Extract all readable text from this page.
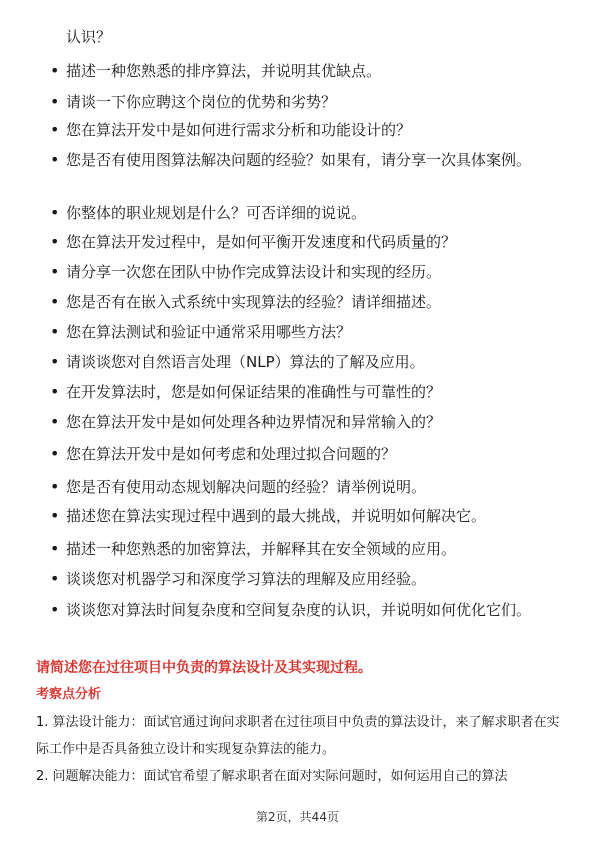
认识？
• 描述一种您熟悉的排序算法，并说明其优缺点。
• 请谈一下你应聘这个岗位的优势和劣势？
• 您在算法开发中是如何进行需求分析和功能设计的？
• 您是否有使用图算法解决问题的经验？如果有，请分享一次具体案例。
• 你整体的职业规划是什么？可否详细的说说。
• 您在算法开发过程中，是如何平衡开发速度和代码质量的？
• 请分享一次您在团队中协作完成算法设计和实现的经历。
• 您是否有在嵌入式系统中实现算法的经验？请详细描述。
• 您在算法测试和验证中通常采用哪些方法？
• 请谈谈您对自然语言处理（NLP）算法的了解及应用。
• 在开发算法时，您是如何保证结果的准确性与可靠性的？
• 您在算法开发中是如何处理各种边界情况和异常输入的？
• 您在算法开发中是如何考虑和处理过拟合问题的？
• 您是否有使用动态规划解决问题的经验？请举例说明。
• 描述您在算法实现过程中遇到的最大挑战，并说明如何解决它。
• 描述一种您熟悉的加密算法，并解释其在安全领域的应用。
• 谈谈您对机器学习和深度学习算法的理解及应用经验。
• 谈谈您对算法时间复杂度和空间复杂度的认识，并说明如何优化它们。
请简述您在过往项目中负责的算法设计及其实现过程。
考察点分析
1. 算法设计能力：面试官通过询问求职者在过往项目中负责的算法设计，来了解求职者在实际工作中是否具备独立设计和实现复杂算法的能力。
2. 问题解决能力：面试官希望了解求职者在面对实际问题时，如何运用自己的算法
第2页，共44页
